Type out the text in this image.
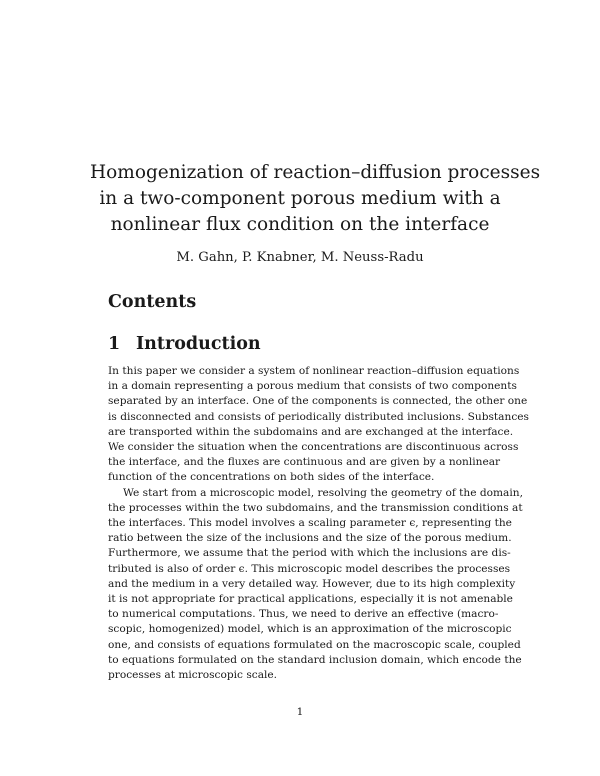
Homogenization of reaction–diffusion processes
in a two-component porous medium with a
nonlinear flux condition on the interface
M. Gahn, P. Knabner, M. Neuss-Radu
Contents
1 Introduction

In this paper we consider a system of nonlinear reaction–diffusion equations
in a domain representing a porous medium that consists of two components
separated by an interface. One of the components is connected, the other one
is disconnected and consists of periodically distributed inclusions. Substances
are transported within the subdomains and are exchanged at the interface.
We consider the situation when the concentrations are discontinuous across
the interface, and the fluxes are continuous and are given by a nonlinear
function of the concentrations on both sides of the interface.

We start from a microscopic model, resolving the geometry of the domain,
the processes within the two subdomains, and the transmission conditions at
the interfaces. This model involves a scaling parameter ϵ, representing the
ratio between the size of the inclusions and the size of the porous medium.
Furthermore, we assume that the period with which the inclusions are dis-
tributed is also of order ϵ. This microscopic model describes the processes
and the medium in a very detailed way. However, due to its high complexity
it is not appropriate for practical applications, especially it is not amenable
to numerical computations. Thus, we need to derive an effective (macro-
scopic, homogenized) model, which is an approximation of the microscopic
one, and consists of equations formulated on the macroscopic scale, coupled
to equations formulated on the standard inclusion domain, which encode the
processes at microscopic scale.

1
